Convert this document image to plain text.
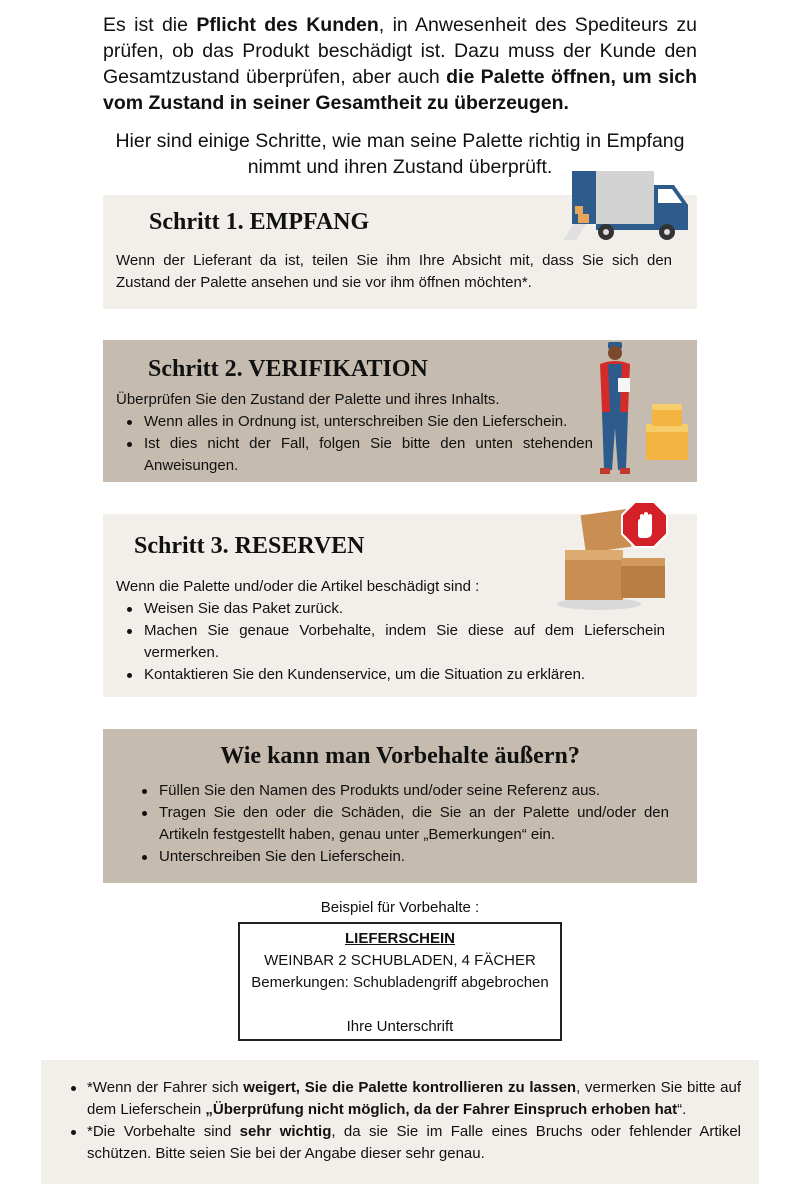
Es ist die Pflicht des Kunden, in Anwesenheit des Spediteurs zu prüfen, ob das Produkt beschädigt ist. Dazu muss der Kunde den Gesamtzustand überprüfen, aber auch die Palette öffnen, um sich vom Zustand in seiner Gesamtheit zu überzeugen.
Hier sind einige Schritte, wie man seine Palette richtig in Empfang nimmt und ihren Zustand überprüft.
Schritt 1. EMPFANG
Wenn der Lieferant da ist, teilen Sie ihm Ihre Absicht mit, dass Sie sich den Zustand der Palette ansehen und sie vor ihm öffnen möchten*.
Schritt 2. VERIFIKATION
Überprüfen Sie den Zustand der Palette und ihres Inhalts.
Wenn alles in Ordnung ist, unterschreiben Sie den Lieferschein.
Ist dies nicht der Fall, folgen Sie bitte den unten stehenden Anweisungen.
Schritt 3. RESERVEN
Wenn die Palette und/oder die Artikel beschädigt sind :
Weisen Sie das Paket zurück.
Machen Sie genaue Vorbehalte, indem Sie diese auf dem Lieferschein vermerken.
Kontaktieren Sie den Kundenservice, um die Situation zu erklären.
Wie kann man Vorbehalte äußern?
Füllen Sie den Namen des Produkts und/oder seine Referenz aus.
Tragen Sie den oder die Schäden, die Sie an der Palette und/oder den Artikeln festgestellt haben, genau unter „Bemerkungen“ ein.
Unterschreiben Sie den Lieferschein.
Beispiel für Vorbehalte :
LIEFERSCHEIN
WEINBAR 2 SCHUBLADEN, 4 FÄCHER
Bemerkungen: Schubladengriff abgebrochen
Ihre Unterschrift
*Wenn der Fahrer sich weigert, Sie die Palette kontrollieren zu lassen, vermerken Sie bitte auf dem Lieferschein „Überprüfung nicht möglich, da der Fahrer Einspruch erhoben hat“.
*Die Vorbehalte sind sehr wichtig, da sie Sie im Falle eines Bruchs oder fehlender Artikel schützen. Bitte seien Sie bei der Angabe dieser sehr genau.
